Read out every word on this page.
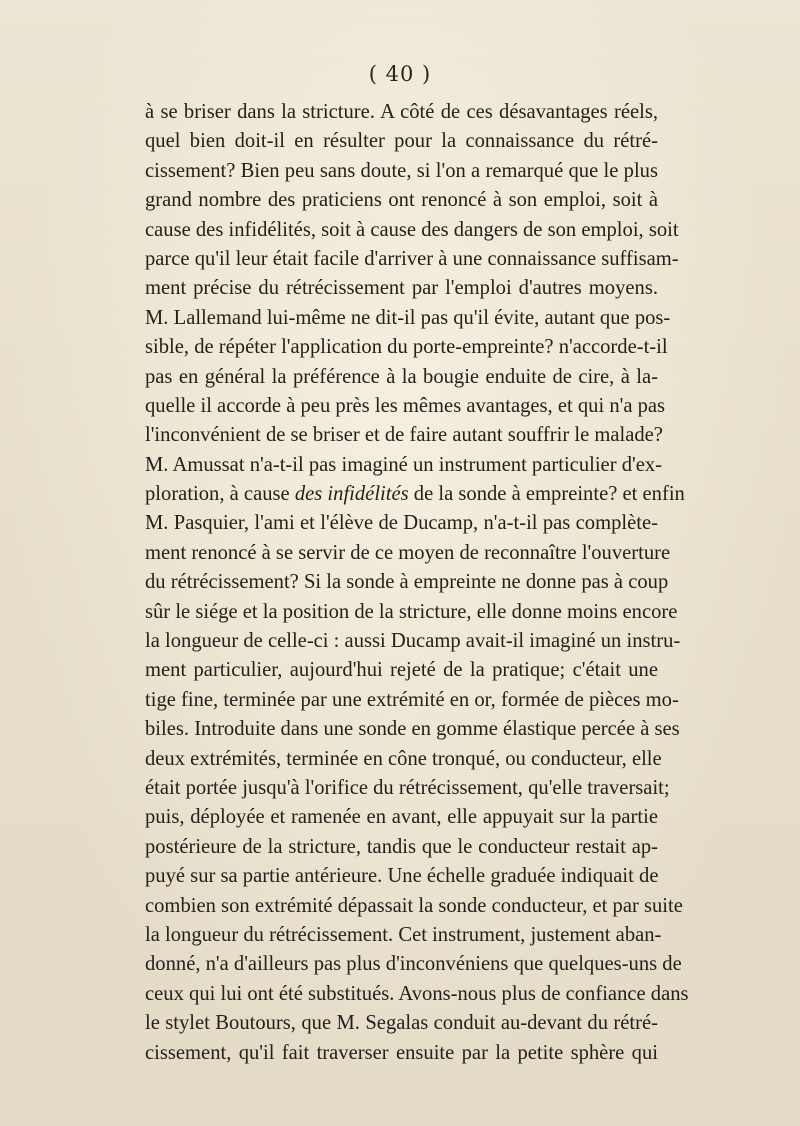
( 40 )
à se briser dans la stricture. A côté de ces désavantages réels,
quel bien doit-il en résulter pour la connaissance du rétré-
cissement? Bien peu sans doute, si l'on a remarqué que le plus
grand nombre des praticiens ont renoncé à son emploi, soit à
cause des infidélités, soit à cause des dangers de son emploi, soit
parce qu'il leur était facile d'arriver à une connaissance suffisam-
ment précise du rétrécissement par l'emploi d'autres moyens.
M. Lallemand lui-même ne dit-il pas qu'il évite, autant que pos-
sible, de répéter l'application du porte-empreinte? n'accorde-t-il
pas en général la préférence à la bougie enduite de cire, à la-
quelle il accorde à peu près les mêmes avantages, et qui n'a pas
l'inconvénient de se briser et de faire autant souffrir le malade?
M. Amussat n'a-t-il pas imaginé un instrument particulier d'ex-
ploration, à cause des infidélités de la sonde à empreinte? et enfin
M. Pasquier, l'ami et l'élève de Ducamp, n'a-t-il pas complète-
ment renoncé à se servir de ce moyen de reconnaître l'ouverture
du rétrécissement? Si la sonde à empreinte ne donne pas à coup
sûr le siége et la position de la stricture, elle donne moins encore
la longueur de celle-ci : aussi Ducamp avait-il imaginé un instru-
ment particulier, aujourd'hui rejeté de la pratique; c'était une
tige fine, terminée par une extrémité en or, formée de pièces mo-
biles. Introduite dans une sonde en gomme élastique percée à ses
deux extrémités, terminée en cône tronqué, ou conducteur, elle
était portée jusqu'à l'orifice du rétrécissement, qu'elle traversait;
puis, déployée et ramenée en avant, elle appuyait sur la partie
postérieure de la stricture, tandis que le conducteur restait ap-
puyé sur sa partie antérieure. Une échelle graduée indiquait de
combien son extrémité dépassait la sonde conducteur, et par suite
la longueur du rétrécissement. Cet instrument, justement aban-
donné, n'a d'ailleurs pas plus d'inconvéniens que quelques-uns de
ceux qui lui ont été substitués. Avons-nous plus de confiance dans
le stylet Boutours, que M. Segalas conduit au-devant du rétré-
cissement, qu'il fait traverser ensuite par la petite sphère qui
